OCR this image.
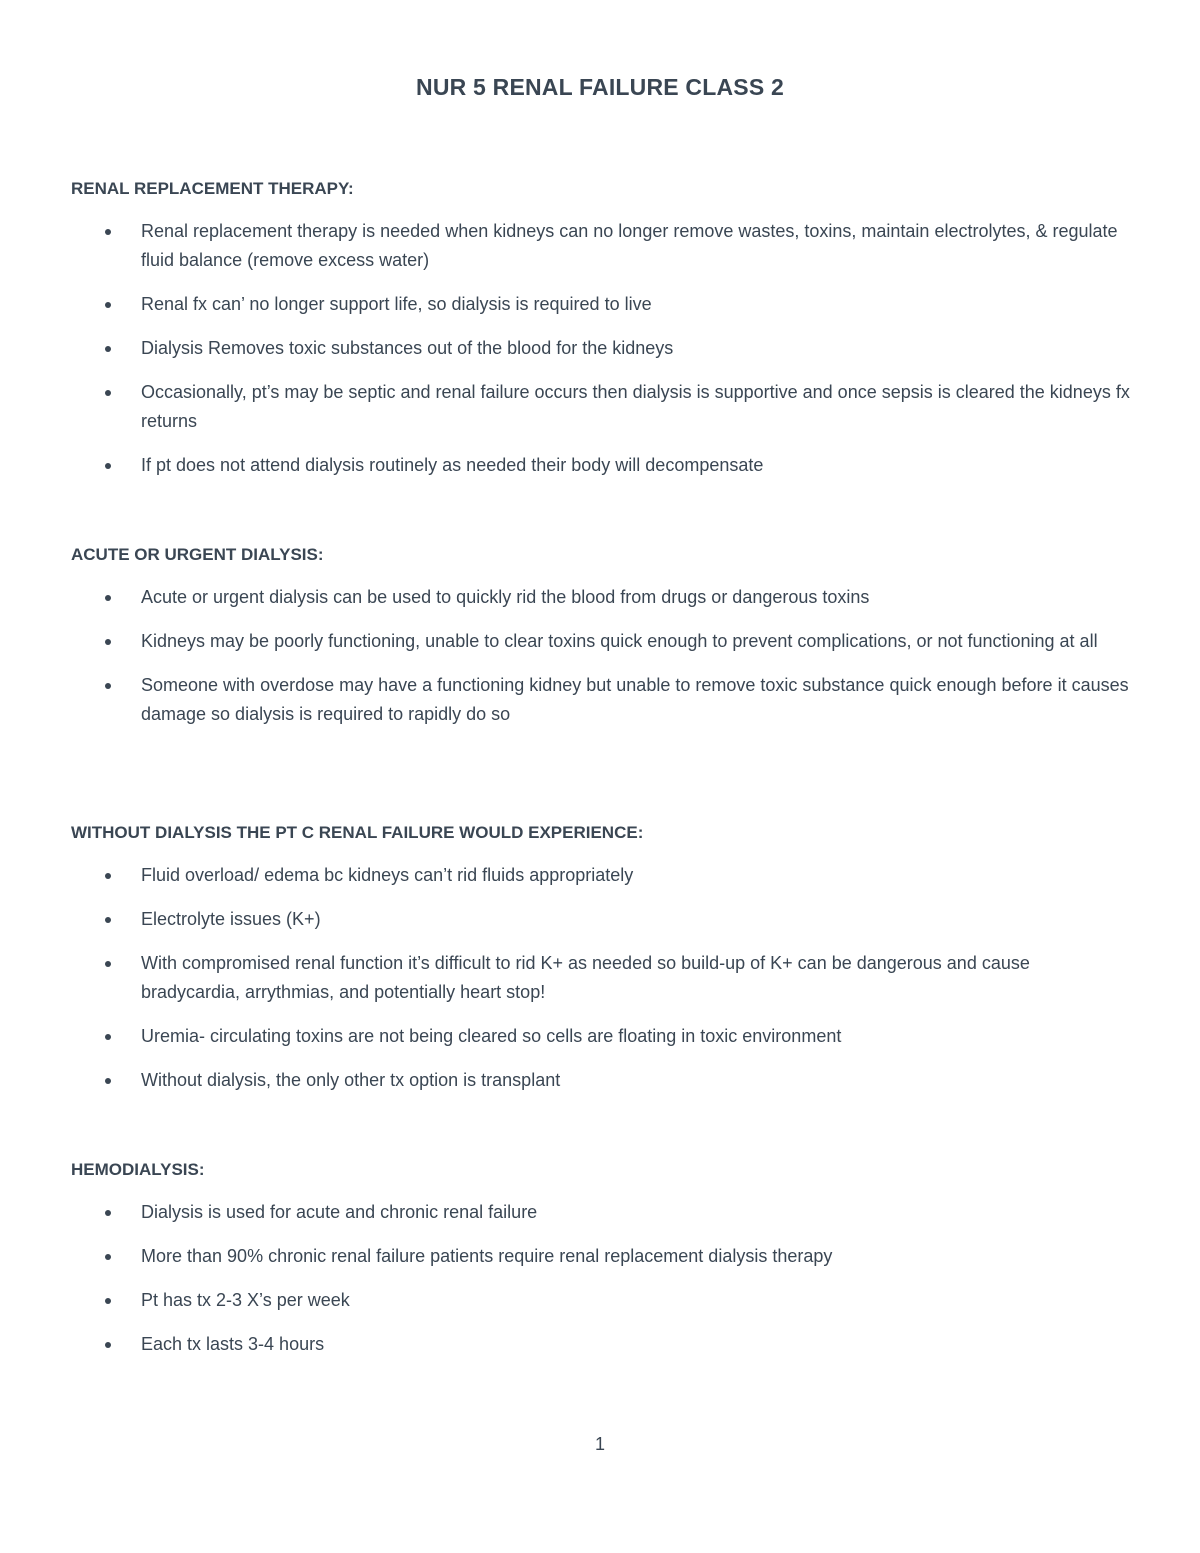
NUR 5 RENAL FAILURE CLASS 2
RENAL REPLACEMENT THERAPY:
Renal replacement therapy is needed when kidneys can no longer remove wastes, toxins, maintain electrolytes, & regulate fluid balance (remove excess water)
Renal fx can’ no longer support life, so dialysis is required to live
Dialysis Removes toxic substances out of the blood for the kidneys
Occasionally, pt’s may be septic and renal failure occurs then dialysis is supportive and once sepsis is cleared the kidneys fx returns
If pt does not attend dialysis routinely as needed their body will decompensate
ACUTE OR URGENT DIALYSIS:
Acute or urgent dialysis can be used to quickly rid the blood from drugs or dangerous toxins
Kidneys may be poorly functioning, unable to clear toxins quick enough to prevent complications, or not functioning at all
Someone with overdose may have a functioning kidney but unable to remove toxic substance quick enough before it causes damage so dialysis is required to rapidly do so
WITHOUT DIALYSIS THE PT C RENAL FAILURE WOULD EXPERIENCE:
Fluid overload/ edema bc kidneys can’t rid fluids appropriately
Electrolyte issues (K+)
With compromised renal function it’s difficult to rid K+ as needed so build-up of K+ can be dangerous and cause bradycardia, arrythmias, and potentially heart stop!
Uremia- circulating toxins are not being cleared so cells are floating in toxic environment
Without dialysis, the only other tx option is transplant
HEMODIALYSIS:
Dialysis is used for acute and chronic renal failure
More than 90% chronic renal failure patients require renal replacement dialysis therapy
Pt has tx 2-3 X’s per week
Each tx lasts 3-4 hours
1
